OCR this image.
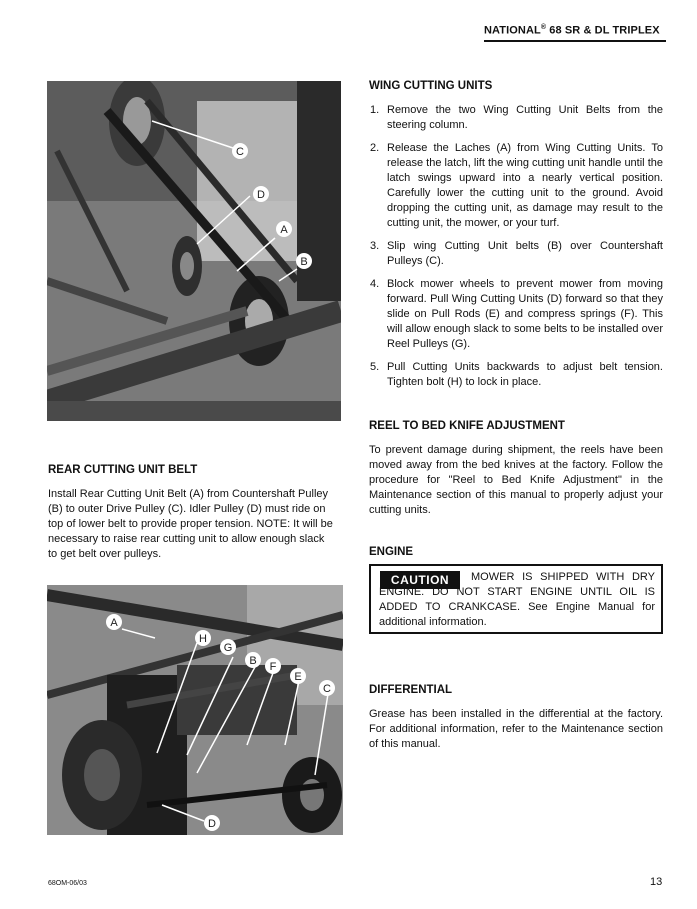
NATIONAL® 68 SR & DL TRIPLEX
C
D
A
B
REAR CUTTING UNIT BELT
Install Rear Cutting Unit Belt (A) from Countershaft Pulley
(B) to outer Drive Pulley (C). Idler Pulley (D) must ride on
top of lower belt to provide proper tension. NOTE: It will be
necessary to raise rear cutting unit to allow enough slack
to get belt over pulleys.
A
H
G
B F
E
C
D
WING CUTTING UNITS
1. Remove the two Wing Cutting Unit Belts from the steering column.
2. Release the Laches (A) from Wing Cutting Units. To release the latch, lift the wing cutting unit handle until the latch swings upward into a nearly vertical position. Carefully lower the cutting unit to the ground. Avoid dropping the cutting unit, as damage may result to the cutting unit, the mower, or your turf.
3. Slip wing Cutting Unit belts (B) over Countershaft Pulleys (C).
4. Block mower wheels to prevent mower from moving forward. Pull Wing Cutting Units (D) forward so that they slide on Pull Rods (E) and compress springs (F). This will allow enough slack to some belts to be installed over Reel Pulleys (G).
5. Pull Cutting Units backwards to adjust belt tension. Tighten bolt (H) to lock in place.
REEL TO BED KNIFE ADJUSTMENT
To prevent damage during shipment, the reels have been moved away from the bed knives at the factory. Follow the procedure for "Reel to Bed Knife Adjustment" in the Maintenance section of this manual to properly adjust your cutting units.
ENGINE
CAUTION	MOWER IS SHIPPED WITH DRY ENGINE. DO NOT START ENGINE UNTIL OIL IS ADDED TO CRANKCASE. See Engine Manual for additional information.
DIFFERENTIAL
Grease has been installed in the differential at the factory. For additional information, refer to the Maintenance section of this manual.
68OM-06/03	13
